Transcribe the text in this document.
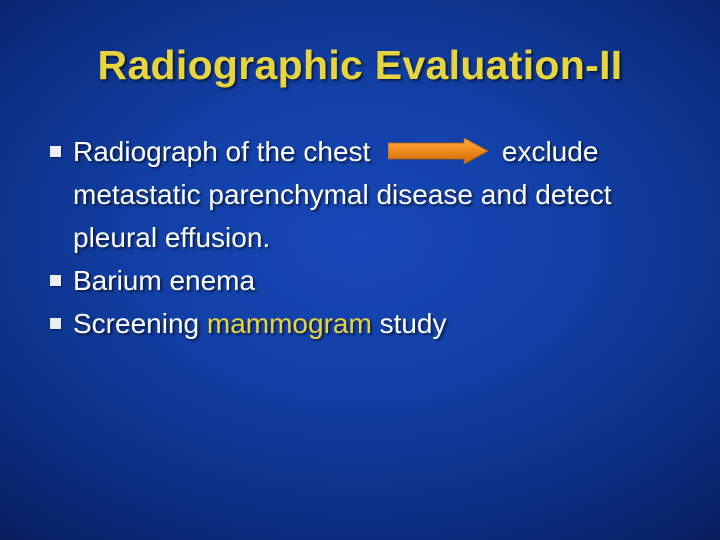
Radiographic Evaluation-II
Radiograph of the chest	exclude metastatic parenchymal disease and detect pleural effusion.
Barium enema
Screening mammogram study
